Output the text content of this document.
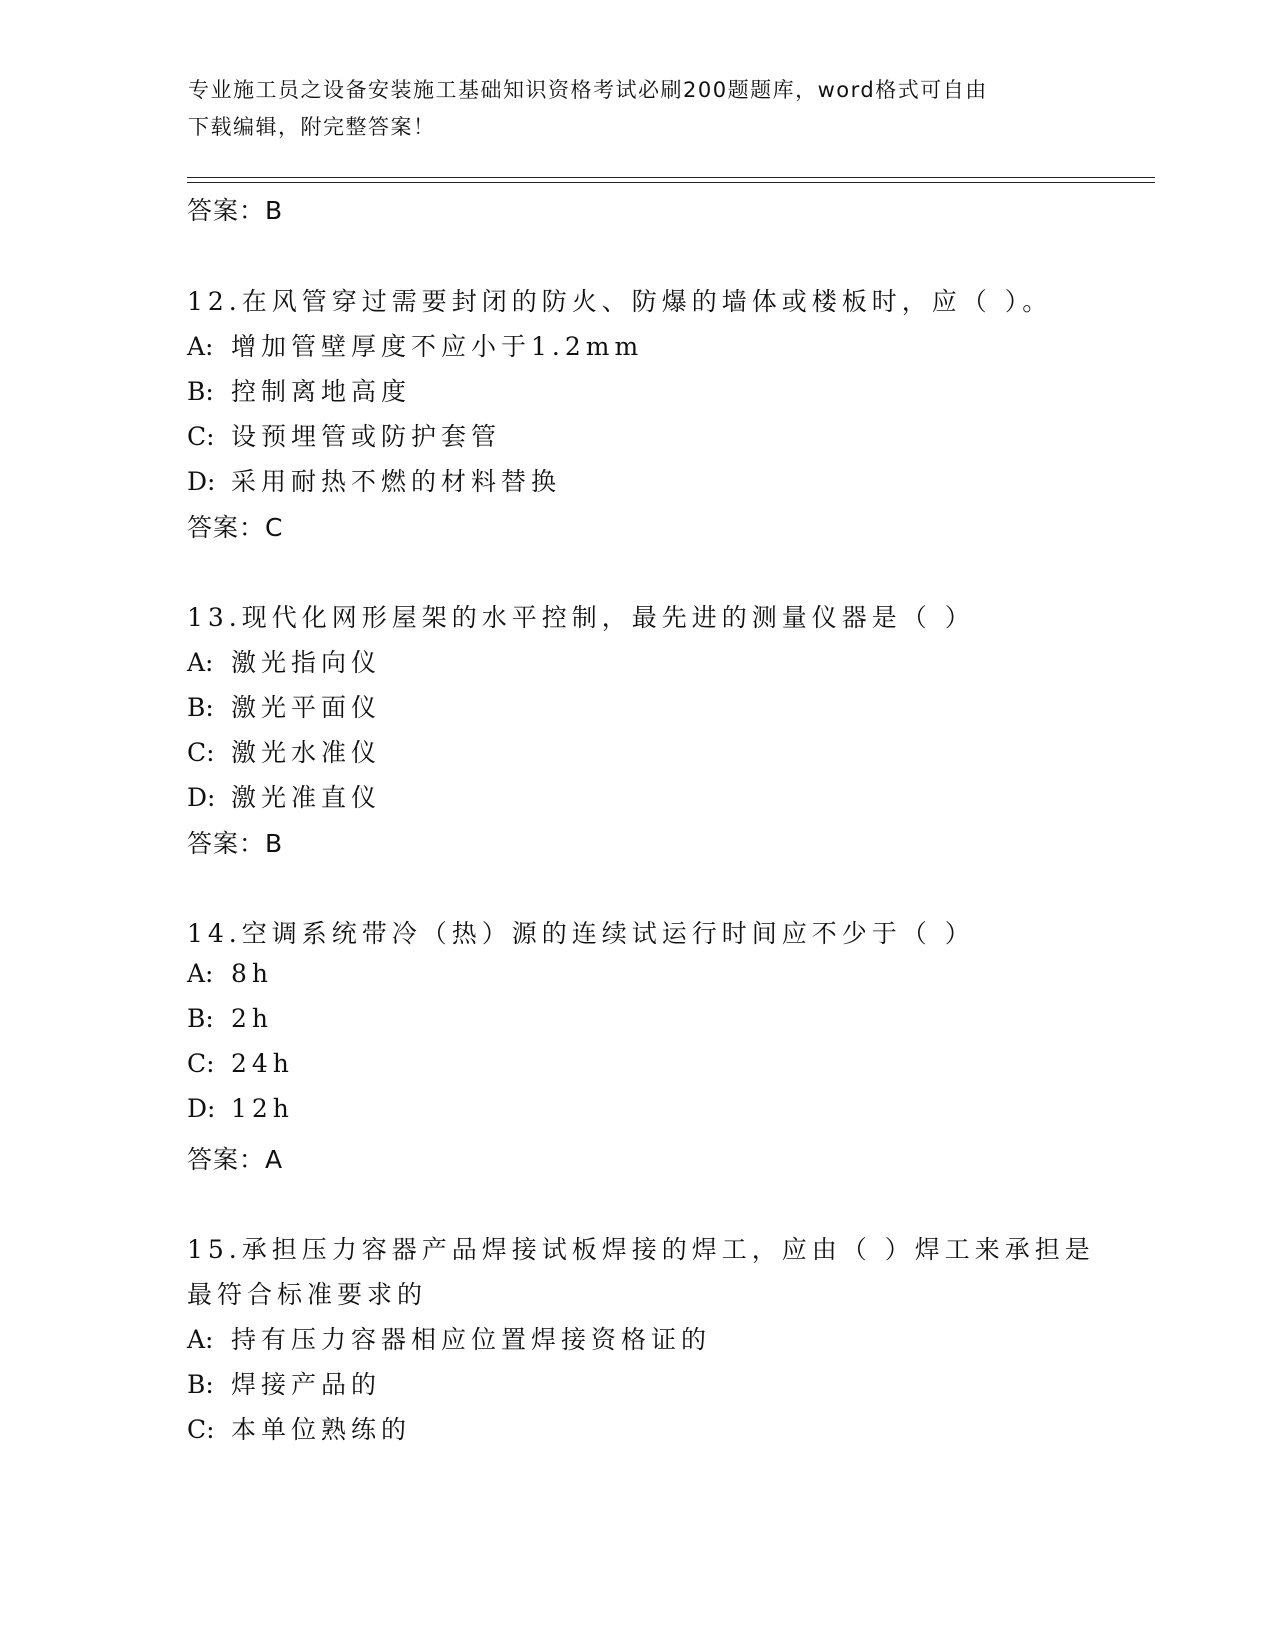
专业施工员之设备安装施工基础知识资格考试必刷200题题库，word格式可自由
下载编辑，附完整答案！
答案：B
12.在风管穿过需要封闭的防火、防爆的墙体或楼板时，应（ ）。
A: 增加管壁厚度不应小于1.2mm
B: 控制离地高度
C: 设预埋管或防护套管
D: 采用耐热不燃的材料替换
答案：C
13.现代化网形屋架的水平控制，最先进的测量仪器是（ ）
A: 激光指向仪
B: 激光平面仪
C: 激光水准仪
D: 激光准直仪
答案：B
14.空调系统带冷（热）源的连续试运行时间应不少于（ ）
A: 8h
B: 2h
C: 24h
D: 12h
答案：A
15.承担压力容器产品焊接试板焊接的焊工，应由（ ）焊工来承担是
最符合标准要求的
A: 持有压力容器相应位置焊接资格证的
B: 焊接产品的
C: 本单位熟练的
